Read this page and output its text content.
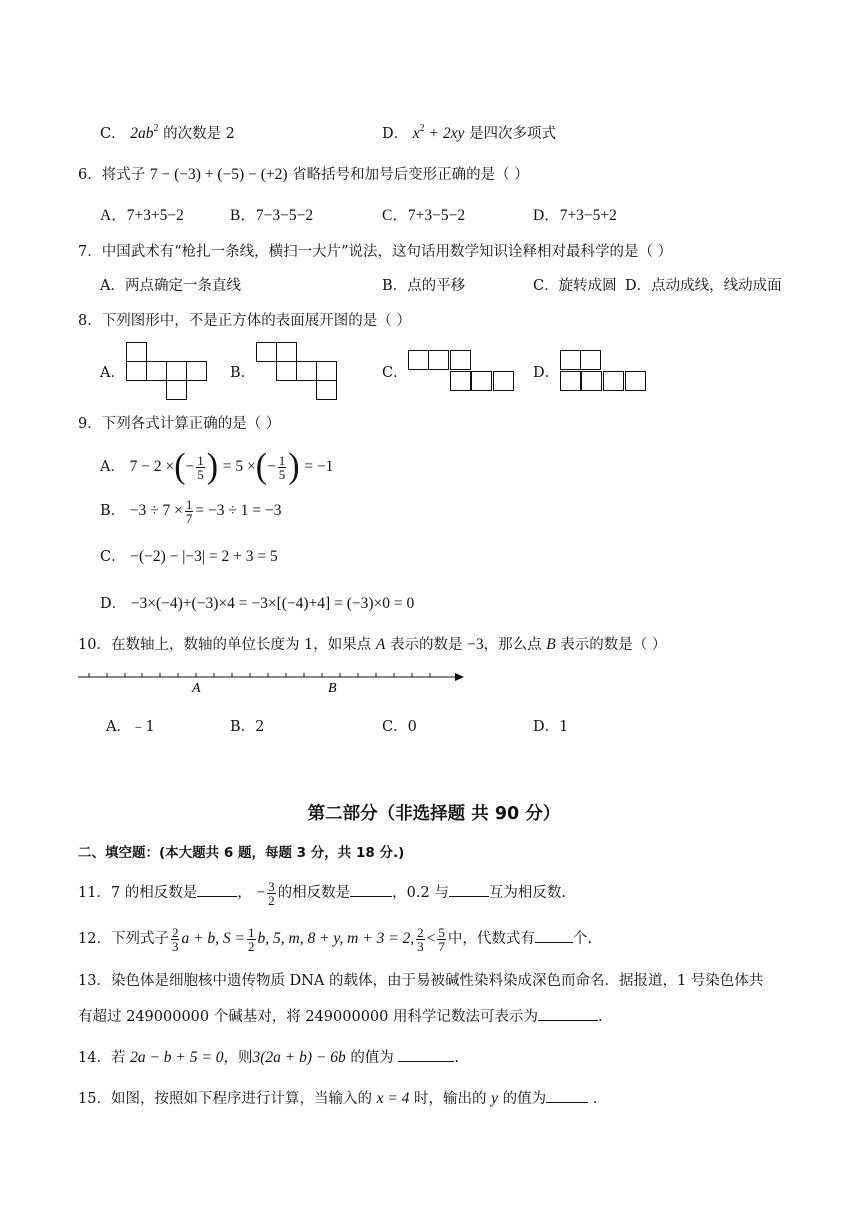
C． $2ab^2$ 的次数是 2	D． $x^2 + 2xy$ 是四次多项式
6．将式子 7 − (−3) + (−5) − (+2) 省略括号和加号后变形正确的是（ ）
A．7+3+5−2	B．7−3−5−2	C．7+3−5−2	D．7+3−5+2
7．中国武术有“枪扎一条线，横扫一大片”说法，这句话用数学知识诠释相对最科学的是（ ）
A．两点确定一条直线	B．点的平移	C．旋转成圆 D．点动成线，线动成面
8．下列图形中，不是正方体的表面展开图的是（ ）
A．	B．	C．	D．
9．下列各式计算正确的是（ ）
A． 7 − 2 ×(− $\frac{1}{5}$ ) = 5 ×(− $\frac{1}{5}$ ) = −1
B． $-3 \div 7 \times \frac{1}{7} = -3 \div 1 = -3$
C． −(−2) − |−3| = 2 + 3 = 5
D． −3×(−4)+(−3)×4 = −3×[(−4)+4] = (−3)×0 = 0
10．在数轴上，数轴的单位长度为 1，如果点 A 表示的数是 −3，那么点 B 表示的数是（ ）
A	B
A．﹣1	B．2	C．0	D．1
第二部分（非选择题 共 90 分）
二、填空题：(本大题共 6 题，每题 3 分，共 18 分.)
11．7 的相反数是	， − $\frac{3}{2}$ 的相反数是	，0.2 与	互为相反数.
12．下列式子 $\frac{2}{3}$ a + b, $S = \frac{1}{2} b$, 5, m, 8 + y, m + 3 = 2, $\frac{2}{3} < \frac{5}{7}$ 中，代数式有	个.
13．染色体是细胞核中遗传物质 DNA 的载体，由于易被碱性染料染成深色而命名．据报道，1 号染色体共
有超过 249000000 个碱基对，将 249000000 用科学记数法可表示为	.
14．若 2a − b + 5 = 0，则3(2a + b) − 6b 的值为	.
15．如图，按照如下程序进行计算，当输入的 x = 4 时，输出的 y 的值为	.
